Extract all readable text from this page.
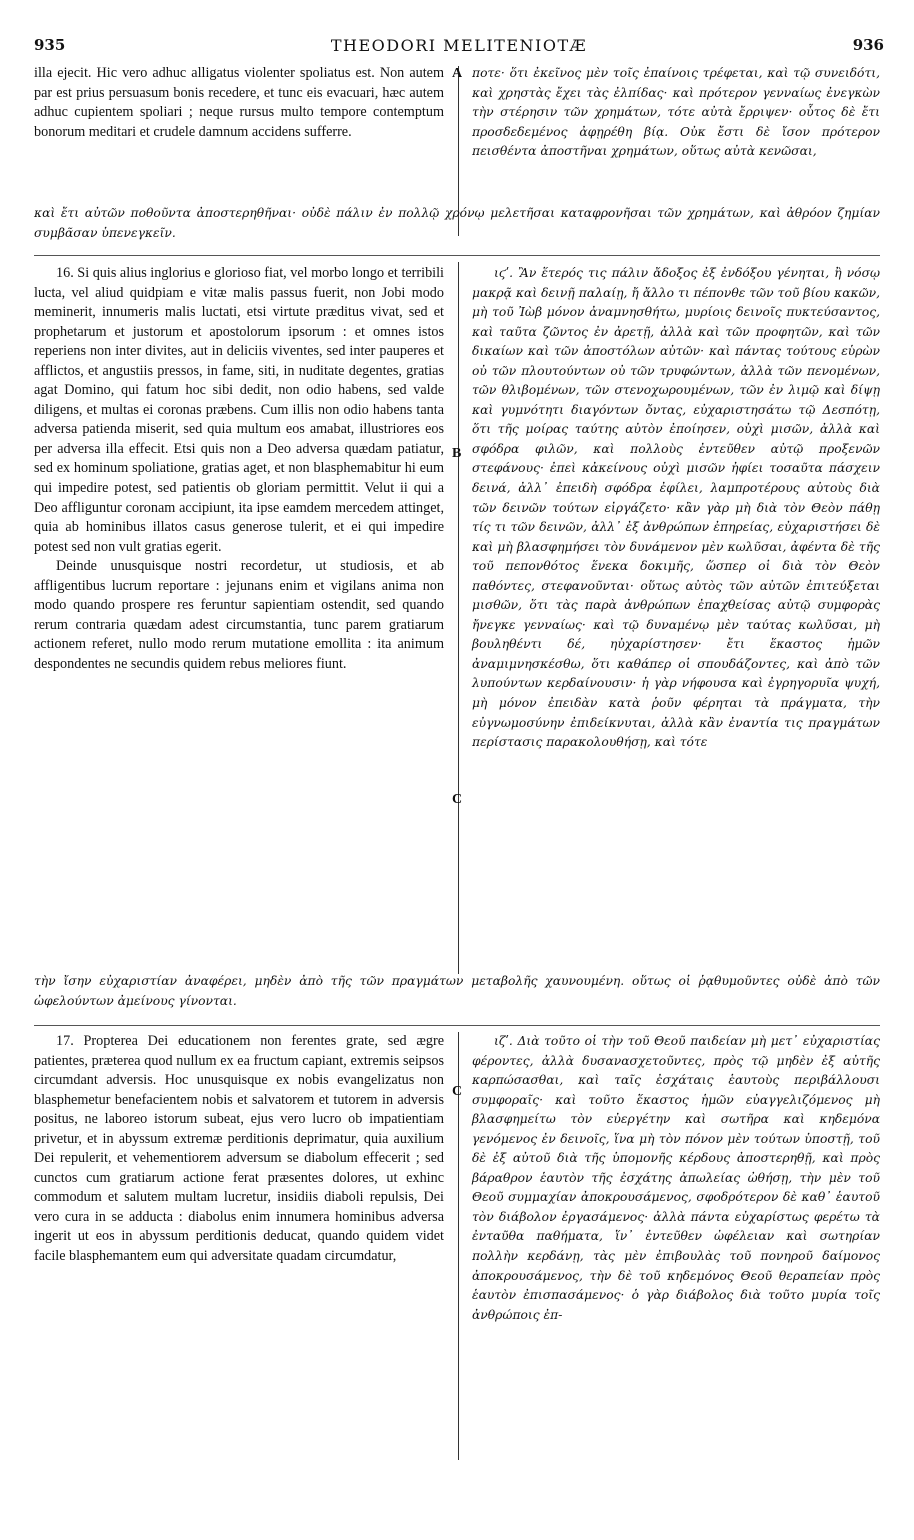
935	THEODORI MELITENIOTÆ	936

illa ejecit. Hic vero adhuc alligatus violenter spoliatus est. Non autem par est prius persuasum bonis recedere, et tunc eis evacuari, hæc autem adhuc cupientem spoliari ; neque rursus multo tempore contemptum bonorum meditari et crudele damnum accidens sufferre.

A ποτε· ὅτι ἐκεῖνος μὲν τοῖς ἐπαίνοις τρέφεται, καὶ τῷ συνειδότι, καὶ χρηστὰς ἔχει τὰς ἐλπίδας· καὶ πρότερον γενναίως ἐνεγκὼν τὴν στέρησιν τῶν χρημάτων, τότε αὐτὰ ἔρριψεν· οὗτος δὲ ἔτι προσδεδεμένος ἀφῃρέθη βίᾳ. Οὐκ ἔστι δὲ ἴσον πρότερον πεισθέντα ἀποστῆναι χρημάτων, οὕτως αὐτὰ κενῶσαι,

καὶ ἔτι αὐτῶν ποθοῦντα ἀποστερηθῆναι· οὐδὲ πάλιν ἐν πολλῷ χρόνῳ μελετῆσαι καταφρονῆσαι τῶν χρημάτων, καὶ ἀθρόον ζημίαν συμβᾶσαν ὑπενεγκεῖν.

16. Si quis alius inglorius e glorioso fiat, vel morbo longo et terribili lucta, vel aliud quidpiam e vitæ malis passus fuerit, non Jobi modo meminerit, innumeris malis luctati, etsi virtute præditus vivat, sed et prophetarum et justorum et apostolorum ipsorum : et omnes istos reperiens non inter divites, aut in deliciis viventes, sed inter pauperes et afflictos, et angustiis pressos, in fame, siti, in nuditate degentes, gratias agat Domino, qui fatum hoc sibi dedit, non odio habens, sed valde diligens, et multas ei coronas præbens. Cum illis non odio habens tanta adversa patienda miserit, sed quia multum eos amabat, illustriores eos per adversa illa effecit. Etsi quis non a Deo adversa quædam patiatur, sed ex hominum spoliatione, gratias aget, et non blasphemabitur hi eum qui impedire potest, sed patientis ob gloriam permittit. Velut ii qui a Deo affliguntur coronam accipiunt, ita ipse eamdem mercedem attinget, quia ab hominibus illatos casus generose tulerit, et ei qui impedire potest sed non vult gratias egerit.

Deinde unusquisque nostri recordetur, ut studiosis, et ab affligentibus lucrum reportare : jejunans enim et vigilans anima non modo quando prospere res feruntur sapientiam ostendit, sed quando rerum contraria quædam adest circumstantia, tunc parem gratiarum actionem referet, nullo modo rerum mutatione emollita : ita animum despondentes ne secundis quidem rebus meliores fiunt.

B
C

ιϛʹ. Ἂν ἕτερός τις πάλιν ἄδοξος ἐξ ἐνδόξου γένηται, ἢ νόσῳ μακρᾷ καὶ δεινῇ παλαίῃ, ἤ ἄλλο τι πέπονθε τῶν τοῦ βίου κακῶν, μὴ τοῦ Ἰὼβ μόνον ἀναμνησθήτω, μυρίοις δεινοῖς πυκτεύσαντος, καὶ ταῦτα ζῶντος ἐν ἀρετῇ, ἀλλὰ καὶ τῶν προφητῶν, καὶ τῶν δικαίων καὶ τῶν ἀποστόλων αὐτῶν· καὶ πάντας τούτους εὑρὼν οὐ τῶν πλουτούντων οὐ τῶν τρυφώντων, ἀλλὰ τῶν πενομένων, τῶν θλιβομένων, τῶν στενοχωρουμένων, τῶν ἐν λιμῷ καὶ δίψῃ καὶ γυμνότητι διαγόντων ὄντας, εὐχαριστησάτω τῷ Δεσπότῃ, ὅτι τῆς μοίρας ταύτης αὐτὸν ἐποίησεν, οὐχὶ μισῶν, ἀλλὰ καὶ σφόδρα φιλῶν, καὶ πολλοὺς ἐντεῦθεν αὐτῷ προξενῶν στεφάνους· ἐπεὶ κἀκείνους οὐχὶ μισῶν ἠφίει τοσαῦτα πάσχειν δεινά, ἀλλ᾽ ἐπειδὴ σφόδρα ἐφίλει, λαμπροτέρους αὐτοὺς διὰ τῶν δεινῶν τούτων εἰργάζετο· κἂν γὰρ μὴ διὰ τὸν Θεὸν πάθῃ τίς τι τῶν δεινῶν, ἀλλ᾽ ἐξ ἀνθρώπων ἐπηρείας, εὐχαριστήσει δὲ καὶ μὴ βλασφημήσει τὸν δυνάμενον μὲν κωλῦσαι, ἀφέντα δὲ τῆς τοῦ πεπονθότος ἕνεκα δοκιμῆς, ὥσπερ οἱ διὰ τὸν Θεὸν παθόντες, στεφανοῦνται· οὕτως αὐτὸς τῶν αὐτῶν ἐπιτεύξεται μισθῶν, ὅτι τὰς παρὰ ἀνθρώπων ἐπαχθείσας αὐτῷ συμφορὰς ἤνεγκε γενναίως· καὶ τῷ δυναμένῳ μὲν ταύτας κωλῦσαι, μὴ βουληθέντι δέ, ηὐχαρίστησεν· ἔτι ἕκαστος ἡμῶν ἀναμιμνησκέσθω, ὅτι καθάπερ οἱ σπουδάζοντες, καὶ ἀπὸ τῶν λυπούντων κερδαίνουσιν· ἡ γὰρ νήφουσα καὶ ἐγρηγορυῖα ψυχή, μὴ μόνον ἐπειδὰν κατὰ ῥοῦν φέρηται τὰ πράγματα, τὴν εὐγνωμοσύνην ἐπιδείκνυται, ἀλλὰ κἂν ἐναντία τις πραγμάτων περίστασις παρακολουθήσῃ, καὶ τότε

τὴν ἴσην εὐχαριστίαν ἀναφέρει, μηδὲν ἀπὸ τῆς τῶν πραγμάτων μεταβολῆς χαυνουμένη. οὕτως οἱ ῥᾳθυμοῦντες οὐδὲ ἀπὸ τῶν ὠφελούντων ἀμείνους γίνονται.

17. Propterea Dei educationem non ferentes grate, sed ægre patientes, præterea quod nullum ex ea fructum capiant, extremis seipsos circumdant adversis. Hoc unusquisque ex nobis evangelizatus non blasphemetur benefacientem nobis et salvatorem et tutorem in adversis positus, ne laboreo istorum subeat, ejus vero lucro ob impatientiam privetur, et in abyssum extremæ perditionis deprimatur, quia auxilium Dei repulerit, et vehementiorem adversum se diabolum effecerit ; sed cunctos cum gratiarum actione ferat præsentes dolores, ut exhinc commodum et salutem multam lucretur, insidiis diaboli repulsis, Dei vero cura in se adducta : diabolus enim innumera hominibus adversa ingerit ut eos in abyssum perditionis deducat, quando quidem videt facile blasphemantem eum qui adversitate quadam circumdatur,

C

ιζʹ. Διὰ τοῦτο οἱ τὴν τοῦ Θεοῦ παιδείαν μὴ μετ᾽ εὐχαριστίας φέροντες, ἀλλὰ δυσανασχετοῦντες, πρὸς τῷ μηδὲν ἐξ αὐτῆς καρπώσασθαι, καὶ ταῖς ἐσχάταις ἑαυτοὺς περιβάλλουσι συμφοραῖς· καὶ τοῦτο ἕκαστος ἡμῶν εὐαγγελιζόμενος μὴ βλασφημείτω τὸν εὐεργέτην καὶ σωτῆρα καὶ κηδεμόνα γενόμενος ἐν δεινοῖς, ἵνα μὴ τὸν πόνον μὲν τούτων ὑποστῇ, τοῦ δὲ ἐξ αὐτοῦ διὰ τῆς ὑπομονῆς κέρδους ἀποστερηθῇ, καὶ πρὸς βάραθρον ἑαυτὸν τῆς ἐσχάτης ἀπωλείας ὠθήσῃ, τὴν μὲν τοῦ Θεοῦ συμμαχίαν ἀποκρουσάμενος, σφοδρότερον δὲ καθ᾽ ἑαυτοῦ τὸν διάβολον ἐργασάμενος· ἀλλὰ πάντα εὐχαρίστως φερέτω τὰ ἐνταῦθα παθήματα, ἵν᾽ ἐντεῦθεν ὠφέλειαν καὶ σωτηρίαν πολλὴν κερδάνῃ, τὰς μὲν ἐπιβουλὰς τοῦ πονηροῦ δαίμονος ἀποκρουσάμενος, τὴν δὲ τοῦ κηδεμόνος Θεοῦ θεραπείαν πρὸς ἑαυτὸν ἐπισπασάμενος· ὁ γὰρ διάβολος διὰ τοῦτο μυρία τοῖς ἀνθρώποις ἐπ-
